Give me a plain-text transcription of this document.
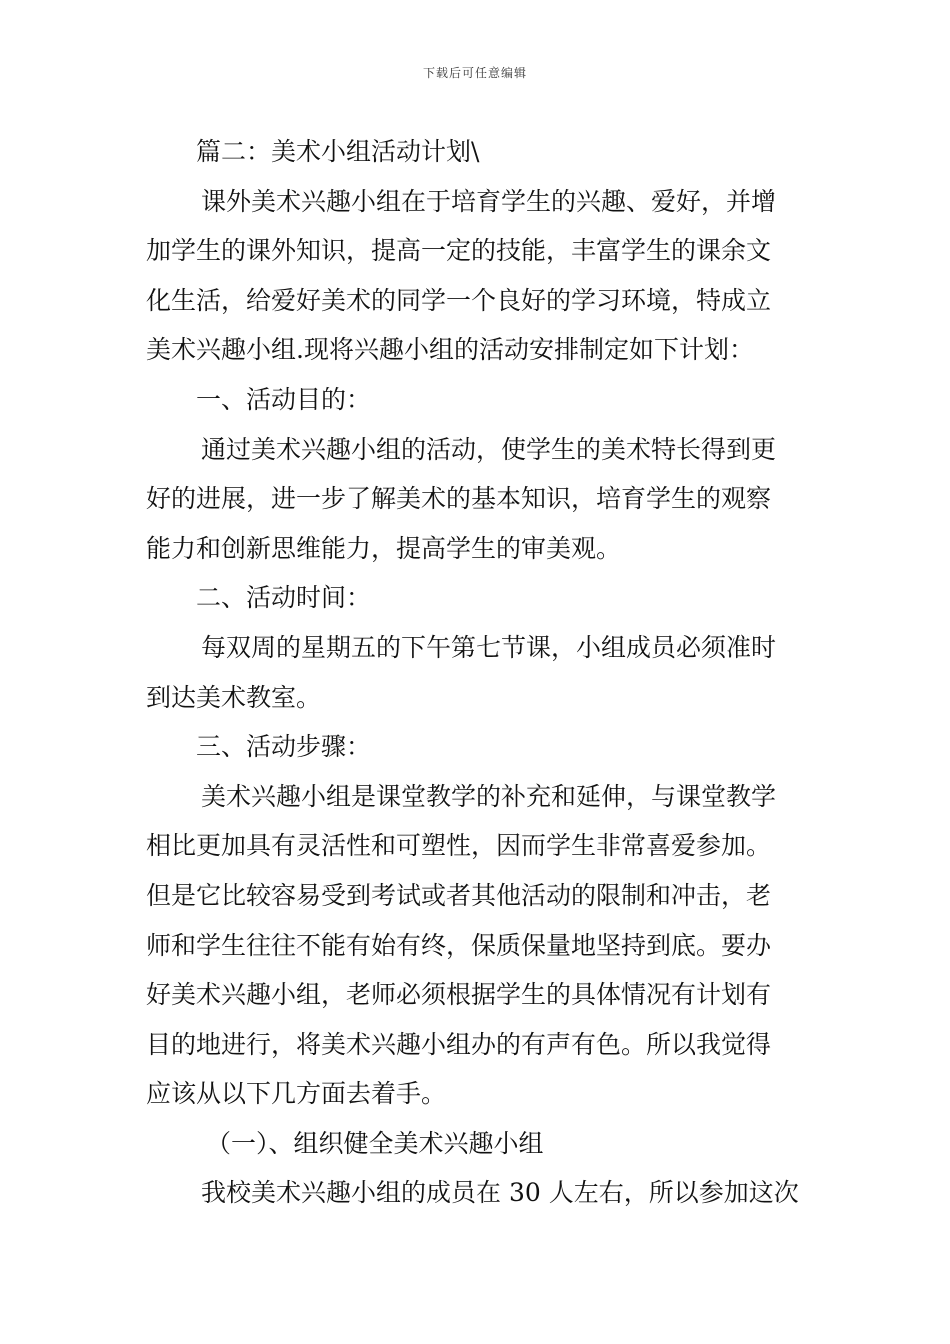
下载后可任意编辑
篇二：美术小组活动计划\
课外美术兴趣小组在于培育学生的兴趣、爱好，并增
加学生的课外知识，提高一定的技能，丰富学生的课余文
化生活，给爱好美术的同学一个良好的学习环境，特成立
美术兴趣小组.现将兴趣小组的活动安排制定如下计划：
一、活动目的：
通过美术兴趣小组的活动，使学生的美术特长得到更
好的进展，进一步了解美术的基本知识，培育学生的观察
能力和创新思维能力，提高学生的审美观。
二、活动时间：
每双周的星期五的下午第七节课，小组成员必须准时
到达美术教室。
三、活动步骤：
美术兴趣小组是课堂教学的补充和延伸，与课堂教学
相比更加具有灵活性和可塑性，因而学生非常喜爱参加。
但是它比较容易受到考试或者其他活动的限制和冲击，老
师和学生往往不能有始有终，保质保量地坚持到底。要办
好美术兴趣小组，老师必须根据学生的具体情况有计划有
目的地进行，将美术兴趣小组办的有声有色。所以我觉得
应该从以下几方面去着手。
（一）、组织健全美术兴趣小组
我校美术兴趣小组的成员在 30 人左右，所以参加这次
